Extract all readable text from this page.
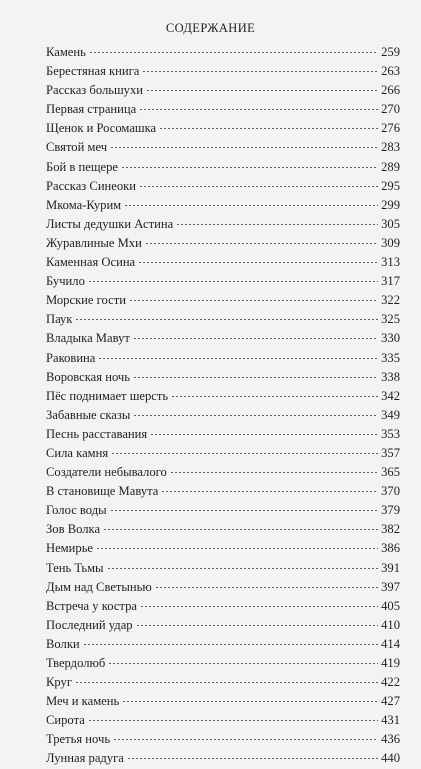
СОДЕРЖАНИЕ
Камень	259
Берестяная книга	263
Рассказ большухи	266
Первая страница	270
Щенок и Росомашка	276
Святой меч	283
Бой в пещере	289
Рассказ Синеоки	295
Мкома-Курим	299
Листы дедушки Астина	305
Журавлиные Мхи	309
Каменная Осина	313
Бучило	317
Морские гости	322
Паук	325
Владыка Мавут	330
Раковина	335
Воровская ночь	338
Пёс поднимает шерсть	342
Забавные сказы	349
Песнь расставания	353
Сила камня	357
Создатели небывалого	365
В становище Мавута	370
Голос воды	379
Зов Волка	382
Немирье	386
Тень Тьмы	391
Дым над Светынью	397
Встреча у костра	405
Последний удар	410
Волки	414
Твердолюб	419
Круг	422
Меч и камень	427
Сирота	431
Третья ночь	436
Лунная радуга	440
